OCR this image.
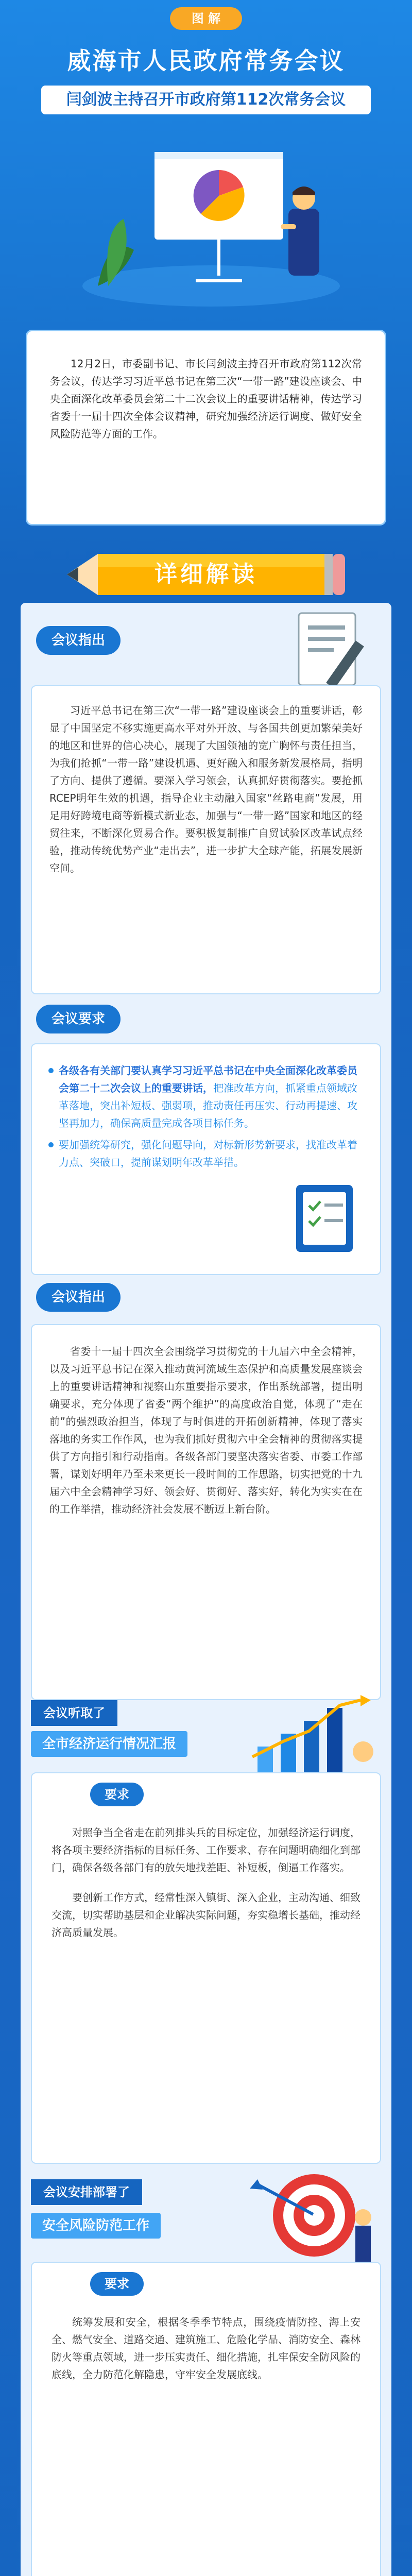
图 解
威海市人民政府常务会议
闫剑波主持召开市政府第112次常务会议

12月2日，市委副书记、市长闫剑波主持召开市政府第112次常务会议，传达学习习近平总书记在第三次“一带一路”建设座谈会、中央全面深化改革委员会第二十二次会议上的重要讲话精神，传达学习省委十一届十四次全体会议精神，研究加强经济运行调度、做好安全风险防范等方面的工作。

详细解读
会议指出

习近平总书记在第三次“一带一路”建设座谈会上的重要讲话，彰显了中国坚定不移实施更高水平对外开放、与各国共创更加繁荣美好的地区和世界的信心决心，展现了大国领袖的宽广胸怀与责任担当，为我们抢抓“一带一路”建设机遇、更好融入和服务新发展格局，指明了方向、提供了遵循。要深入学习领会，认真抓好贯彻落实。要抢抓RCEP明年生效的机遇，指导企业主动融入国家“丝路电商”发展，用足用好跨境电商等新模式新业态，加强与“一带一路”国家和地区的经贸往来，不断深化贸易合作。要积极复制推广自贸试验区改革试点经验，推动传统优势产业“走出去”，进一步扩大全球产能，拓展发展新空间。

会议要求
各级各有关部门要认真学习习近平总书记在中央全面深化改革委员会第二十二次会议上的重要讲话，把准改革方向，抓紧重点领域改革落地，突出补短板、强弱项，推动责任再压实、行动再提速、攻坚再加力，确保高质量完成各项目标任务。
要加强统筹研究，强化问题导向，对标新形势新要求，找准改革着力点、突破口，提前谋划明年改革举措。
会议指出

省委十一届十四次全会围绕学习贯彻党的十九届六中全会精神，以及习近平总书记在深入推动黄河流域生态保护和高质量发展座谈会上的重要讲话精神和视察山东重要指示要求，作出系统部署，提出明确要求，充分体现了省委“两个维护”的高度政治自觉，体现了“走在前”的强烈政治担当，体现了与时俱进的开拓创新精神，体现了落实落地的务实工作作风，也为我们抓好贯彻六中全会精神的贯彻落实提供了方向指引和行动指南。各级各部门要坚决落实省委、市委工作部署，谋划好明年乃至未来更长一段时间的工作思路，切实把党的十九届六中全会精神学习好、领会好、贯彻好、落实好，转化为实实在在的工作举措，推动经济社会发展不断迈上新台阶。

会议听取了
全市经济运行情况汇报
要求

对照争当全省走在前列排头兵的目标定位，加强经济运行调度，将各项主要经济指标的目标任务、工作要求、存在问题明确细化到部门，确保各级各部门有的放矢地找差距、补短板，倒逼工作落实。

要创新工作方式，经常性深入镇街、深入企业，主动沟通、细致交流，切实帮助基层和企业解决实际问题，夯实稳增长基础，推动经济高质量发展。

会议安排部署了
安全风险防范工作
要求

统筹发展和安全，根据冬季季节特点，围绕疫情防控、海上安全、燃气安全、道路交通、建筑施工、危险化学品、消防安全、森林防火等重点领域，进一步压实责任、细化措施，扎牢保安全防风险的底线，全力防范化解隐患，守牢安全发展底线。
